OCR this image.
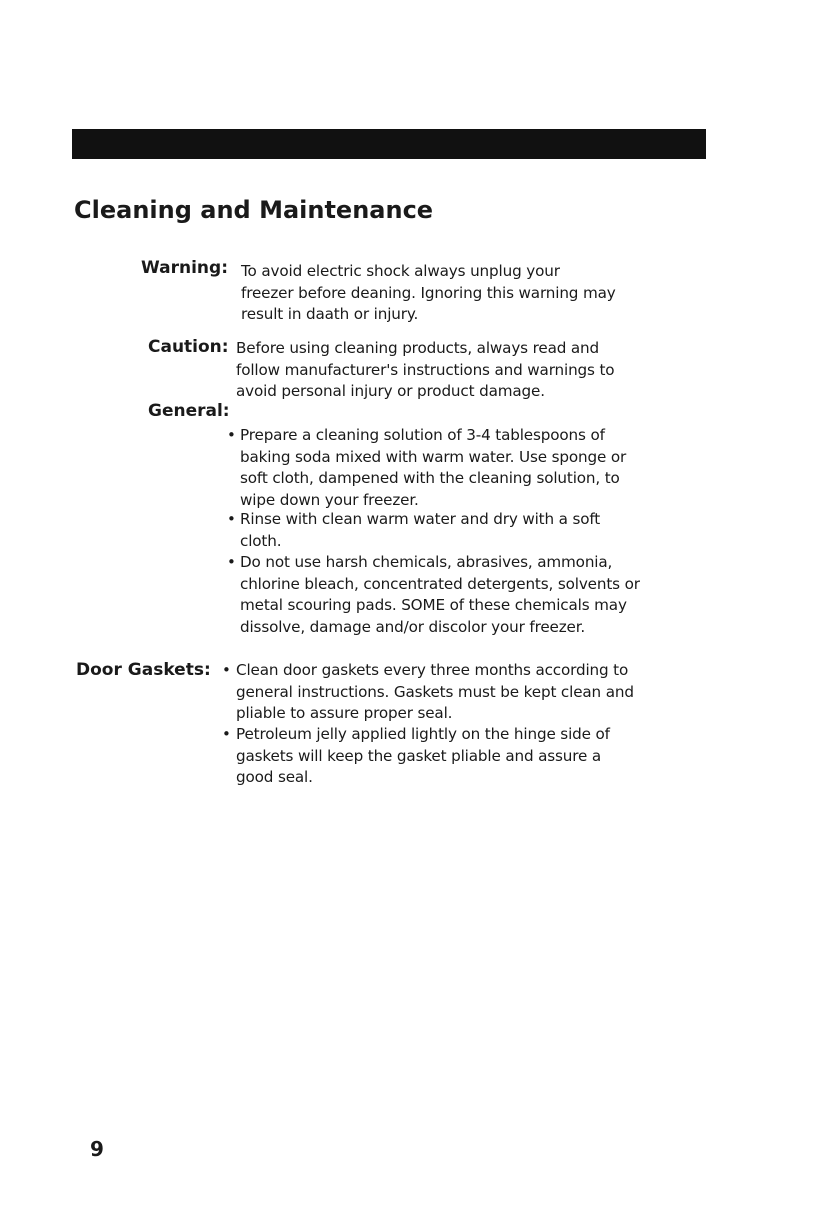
Cleaning and Maintenance

Warning: To avoid electric shock always unplug your
freezer before deaning. Ignoring this warning may
result in daath or injury.

Caution: Before using cleaning products, always read and
follow manufacturer's instructions and warnings to
avoid personal injury or product damage.

General:

• Prepare a cleaning solution of 3-4 tablespoons of
baking soda mixed with warm water. Use sponge or
soft cloth, dampened with the cleaning solution, to
wipe down your freezer.

• Rinse with clean warm water and dry with a soft
cloth.

• Do not use harsh chemicals, abrasives, ammonia,
chlorine bleach, concentrated detergents, solvents or
metal scouring pads. SOME of these chemicals may
dissolve, damage and/or discolor your freezer.

Door Gaskets: • Clean door gaskets every three months according to
general instructions. Gaskets must be kept clean and
pliable to assure proper seal.

• Petroleum jelly applied lightly on the hinge side of
gaskets will keep the gasket pliable and assure a
good seal.

9
